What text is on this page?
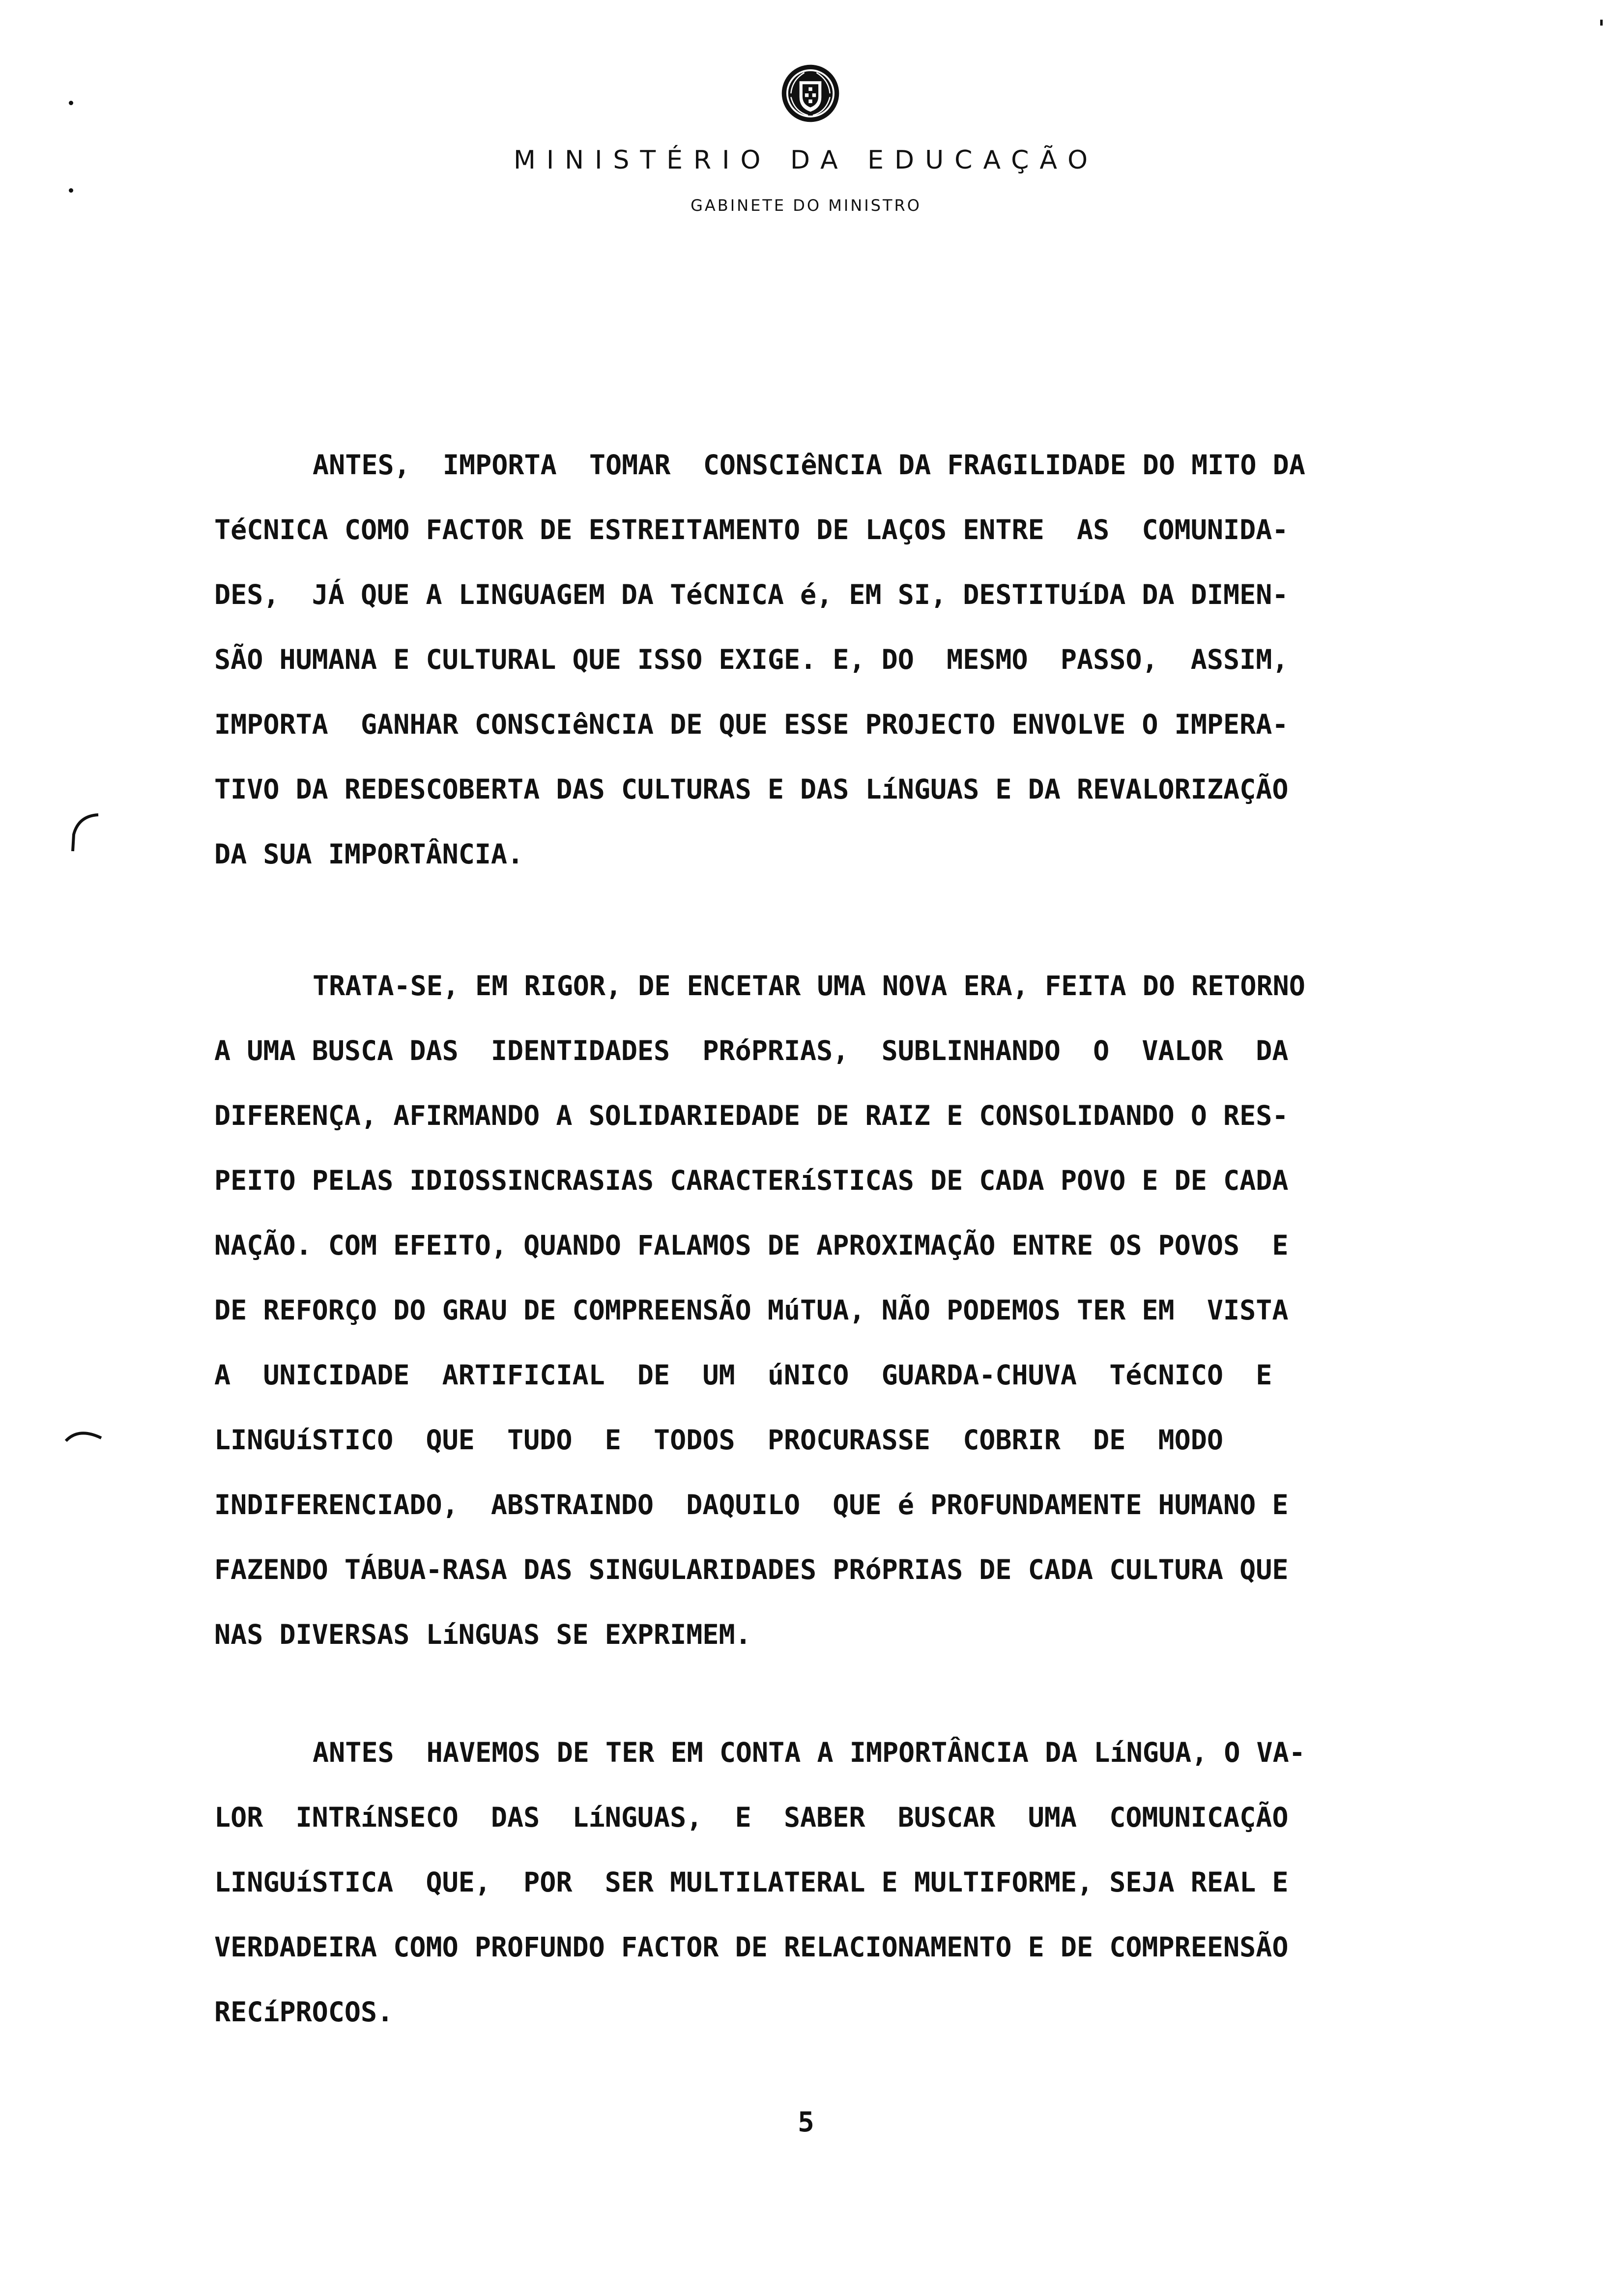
MINISTÉRIO DA EDUCAÇÃO
GABINETE DO MINISTRO
ANTES,  IMPORTA  TOMAR  CONSCIêNCIA DA FRAGILIDADE DO MITO DA
TéCNICA COMO FACTOR DE ESTREITAMENTO DE LAÇOS ENTRE  AS  COMUNIDA-
DES,  JÁ QUE A LINGUAGEM DA TéCNICA é, EM SI, DESTITUíDA DA DIMEN-
SÃO HUMANA E CULTURAL QUE ISSO EXIGE. E, DO  MESMO  PASSO,  ASSIM,
IMPORTA  GANHAR CONSCIêNCIA DE QUE ESSE PROJECTO ENVOLVE O IMPERA-
TIVO DA REDESCOBERTA DAS CULTURAS E DAS LíNGUAS E DA REVALORIZAÇÃO
DA SUA IMPORTÂNCIA.
TRATA-SE, EM RIGOR, DE ENCETAR UMA NOVA ERA, FEITA DO RETORNO
A UMA BUSCA DAS  IDENTIDADES  PRóPRIAS,  SUBLINHANDO  O  VALOR  DA
DIFERENÇA, AFIRMANDO A SOLIDARIEDADE DE RAIZ E CONSOLIDANDO O RES-
PEITO PELAS IDIOSSINCRASIAS CARACTERíSTICAS DE CADA POVO E DE CADA
NAÇÃO. COM EFEITO, QUANDO FALAMOS DE APROXIMAÇÃO ENTRE OS POVOS  E
DE REFORÇO DO GRAU DE COMPREENSÃO MúTUA, NÃO PODEMOS TER EM  VISTA
A  UNICIDADE  ARTIFICIAL  DE  UM  úNICO  GUARDA-CHUVA  TéCNICO  E
LINGUíSTICO  QUE  TUDO  E  TODOS  PROCURASSE  COBRIR  DE  MODO
INDIFERENCIADO,  ABSTRAINDO  DAQUILO  QUE é PROFUNDAMENTE HUMANO E
FAZENDO TÁBUA-RASA DAS SINGULARIDADES PRóPRIAS DE CADA CULTURA QUE
NAS DIVERSAS LíNGUAS SE EXPRIMEM.
ANTES  HAVEMOS DE TER EM CONTA A IMPORTÂNCIA DA LíNGUA, O VA-
LOR  INTRíNSECO  DAS  LíNGUAS,  E  SABER  BUSCAR  UMA  COMUNICAÇÃO
LINGUíSTICA  QUE,  POR  SER MULTILATERAL E MULTIFORME, SEJA REAL E
VERDADEIRA COMO PROFUNDO FACTOR DE RELACIONAMENTO E DE COMPREENSÃO
RECíPROCOS.
5
